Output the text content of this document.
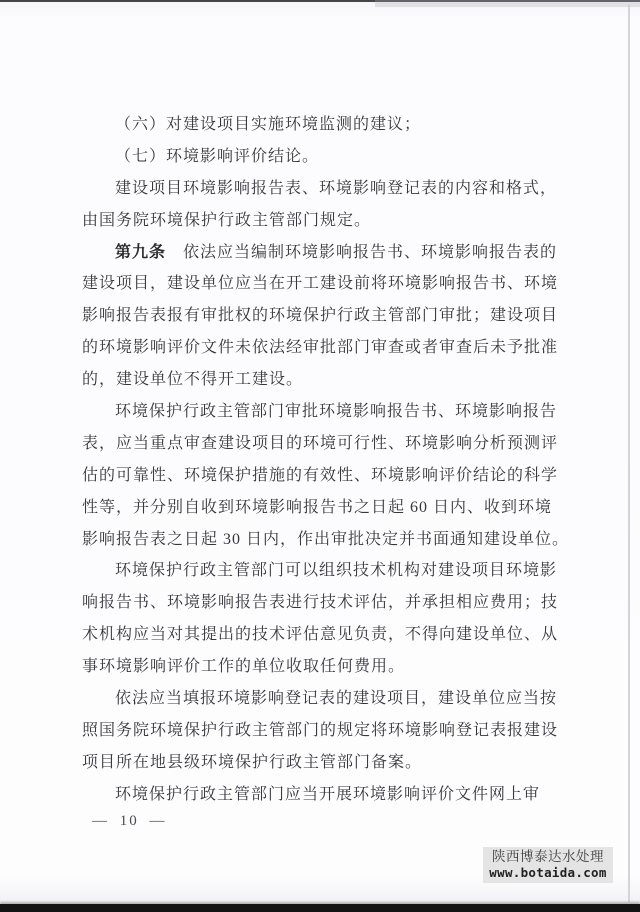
（六）对建设项目实施环境监测的建议；
（七）环境影响评价结论。
建设项目环境影响报告表、环境影响登记表的内容和格式，
由国务院环境保护行政主管部门规定。
第九条　依法应当编制环境影响报告书、环境影响报告表的
建设项目，建设单位应当在开工建设前将环境影响报告书、环境
影响报告表报有审批权的环境保护行政主管部门审批；建设项目
的环境影响评价文件未依法经审批部门审查或者审查后未予批准
的，建设单位不得开工建设。
环境保护行政主管部门审批环境影响报告书、环境影响报告
表，应当重点审查建设项目的环境可行性、环境影响分析预测评
估的可靠性、环境保护措施的有效性、环境影响评价结论的科学
性等，并分别自收到环境影响报告书之日起 60 日内、收到环境
影响报告表之日起 30 日内，作出审批决定并书面通知建设单位。
环境保护行政主管部门可以组织技术机构对建设项目环境影
响报告书、环境影响报告表进行技术评估，并承担相应费用；技
术机构应当对其提出的技术评估意见负责，不得向建设单位、从
事环境影响评价工作的单位收取任何费用。
依法应当填报环境影响登记表的建设项目，建设单位应当按
照国务院环境保护行政主管部门的规定将环境影响登记表报建设
项目所在地县级环境保护行政主管部门备案。
环境保护行政主管部门应当开展环境影响评价文件网上审
— 10 —
陕西博泰达水处理
www.botaida.com
